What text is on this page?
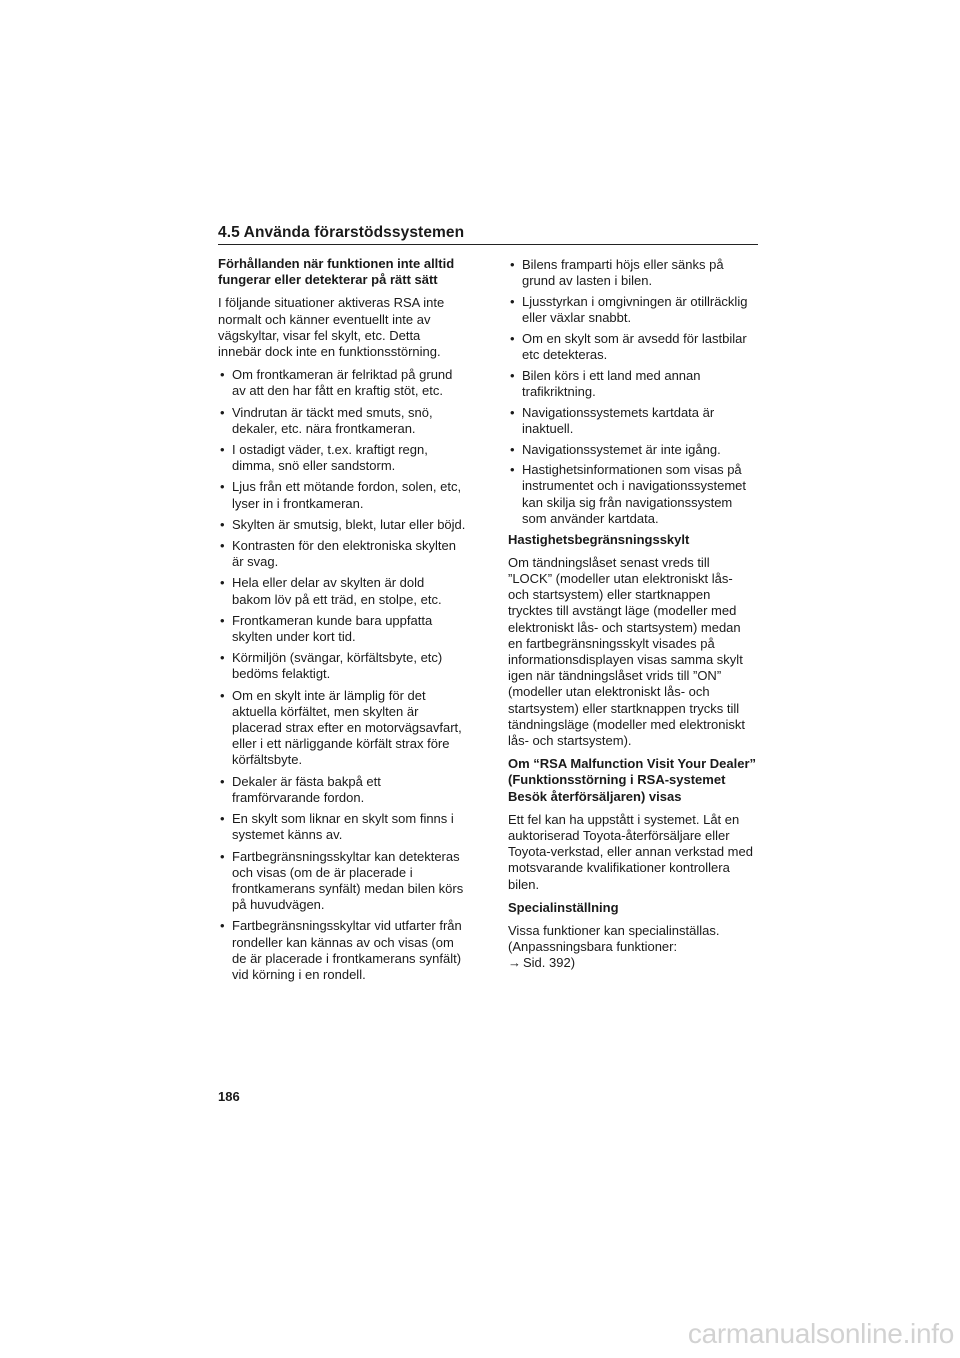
4.5 Använda förarstödssystemen
Förhållanden när funktionen inte alltid fungerar eller detekterar på rätt sätt

I följande situationer aktiveras RSA inte normalt och känner eventuellt inte av vägskyltar, visar fel skylt, etc. Detta innebär dock inte en funktionsstörning.

• Om frontkameran är felriktad på grund av att den har fått en kraftig stöt, etc.
• Vindrutan är täckt med smuts, snö, dekaler, etc. nära frontkameran.
• I ostadigt väder, t.ex. kraftigt regn, dimma, snö eller sandstorm.
• Ljus från ett mötande fordon, solen, etc, lyser in i frontkameran.
• Skylten är smutsig, blekt, lutar eller böjd.
• Kontrasten för den elektroniska skylten är svag.
• Hela eller delar av skylten är dold bakom löv på ett träd, en stolpe, etc.
• Frontkameran kunde bara uppfatta skylten under kort tid.
• Körmiljön (svängar, körfältsbyte, etc) bedöms felaktigt.
• Om en skylt inte är lämplig för det aktuella körfältet, men skylten är placerad strax efter en motorvägsavfart, eller i ett närliggande körfält strax före körfältsbyte.
• Dekaler är fästa bakpå ett framförvarande fordon.
• En skylt som liknar en skylt som finns i systemet känns av.
• Fartbegränsningsskyltar kan detekteras och visas (om de är placerade i frontkamerans synfält) medan bilen körs på huvudvägen.
• Fartbegränsningsskyltar vid utfarter från rondeller kan kännas av och visas (om de är placerade i frontkamerans synfält) vid körning i en rondell.
• Bilens framparti höjs eller sänks på grund av lasten i bilen.
• Ljusstyrkan i omgivningen är otillräcklig eller växlar snabbt.
• Om en skylt som är avsedd för lastbilar etc detekteras.
• Bilen körs i ett land med annan trafikriktning.
• Navigationssystemets kartdata är inaktuell.
• Navigationssystemet är inte igång.
• Hastighetsinformationen som visas på instrumentet och i navigationssystemet kan skilja sig från navigationssystem som använder kartdata.
Hastighetsbegränsningsskylt

Om tändningslåset senast vreds till ”LOCK” (modeller utan elektroniskt lås- och startsystem) eller startknappen trycktes till avstängt läge (modeller med elektroniskt lås- och startsystem) medan en fartbegränsningsskylt visades på informationsdisplayen visas samma skylt igen när tändningslåset vrids till ”ON” (modeller utan elektroniskt lås- och startsystem) eller startknappen trycks till tändningsläge (modeller med elektroniskt lås- och startsystem).

Om “RSA Malfunction Visit Your Dealer” (Funktionsstörning i RSA-systemet Besök återförsäljaren) visas

Ett fel kan ha uppstått i systemet. Låt en auktoriserad Toyota-återförsäljare eller Toyota-verkstad, eller annan verkstad med motsvarande kvalifikationer kontrollera bilen.

Specialinställning

Vissa funktioner kan specialinställas. (Anpassningsbara funktioner:
→ Sid. 392)

186
carmanualsonline.info
